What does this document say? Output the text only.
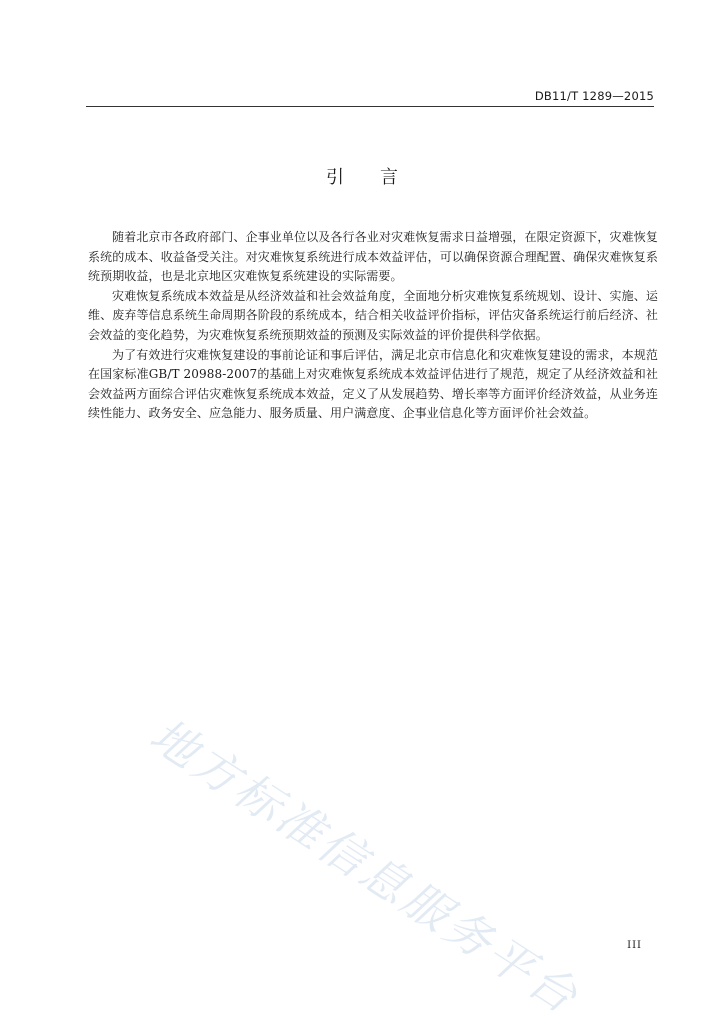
DB11/T 1289—2015
引言

随着北京市各政府部门、企事业单位以及各行各业对灾难恢复需求日益增强，在限定资源下，灾难恢复系统的成本、收益备受关注。对灾难恢复系统进行成本效益评估，可以确保资源合理配置、确保灾难恢复系统预期收益，也是北京地区灾难恢复系统建设的实际需要。

灾难恢复系统成本效益是从经济效益和社会效益角度，全面地分析灾难恢复系统规划、设计、实施、运维、废弃等信息系统生命周期各阶段的系统成本，结合相关收益评价指标，评估灾备系统运行前后经济、社会效益的变化趋势，为灾难恢复系统预期效益的预测及实际效益的评价提供科学依据。

为了有效进行灾难恢复建设的事前论证和事后评估，满足北京市信息化和灾难恢复建设的需求，本规范在国家标准GB/T 20988-2007的基础上对灾难恢复系统成本效益评估进行了规范，规定了从经济效益和社会效益两方面综合评估灾难恢复系统成本效益，定义了从发展趋势、增长率等方面评价经济效益，从业务连续性能力、政务安全、应急能力、服务质量、用户满意度、企事业信息化等方面评价社会效益。

地方标准信息服务平台	III
